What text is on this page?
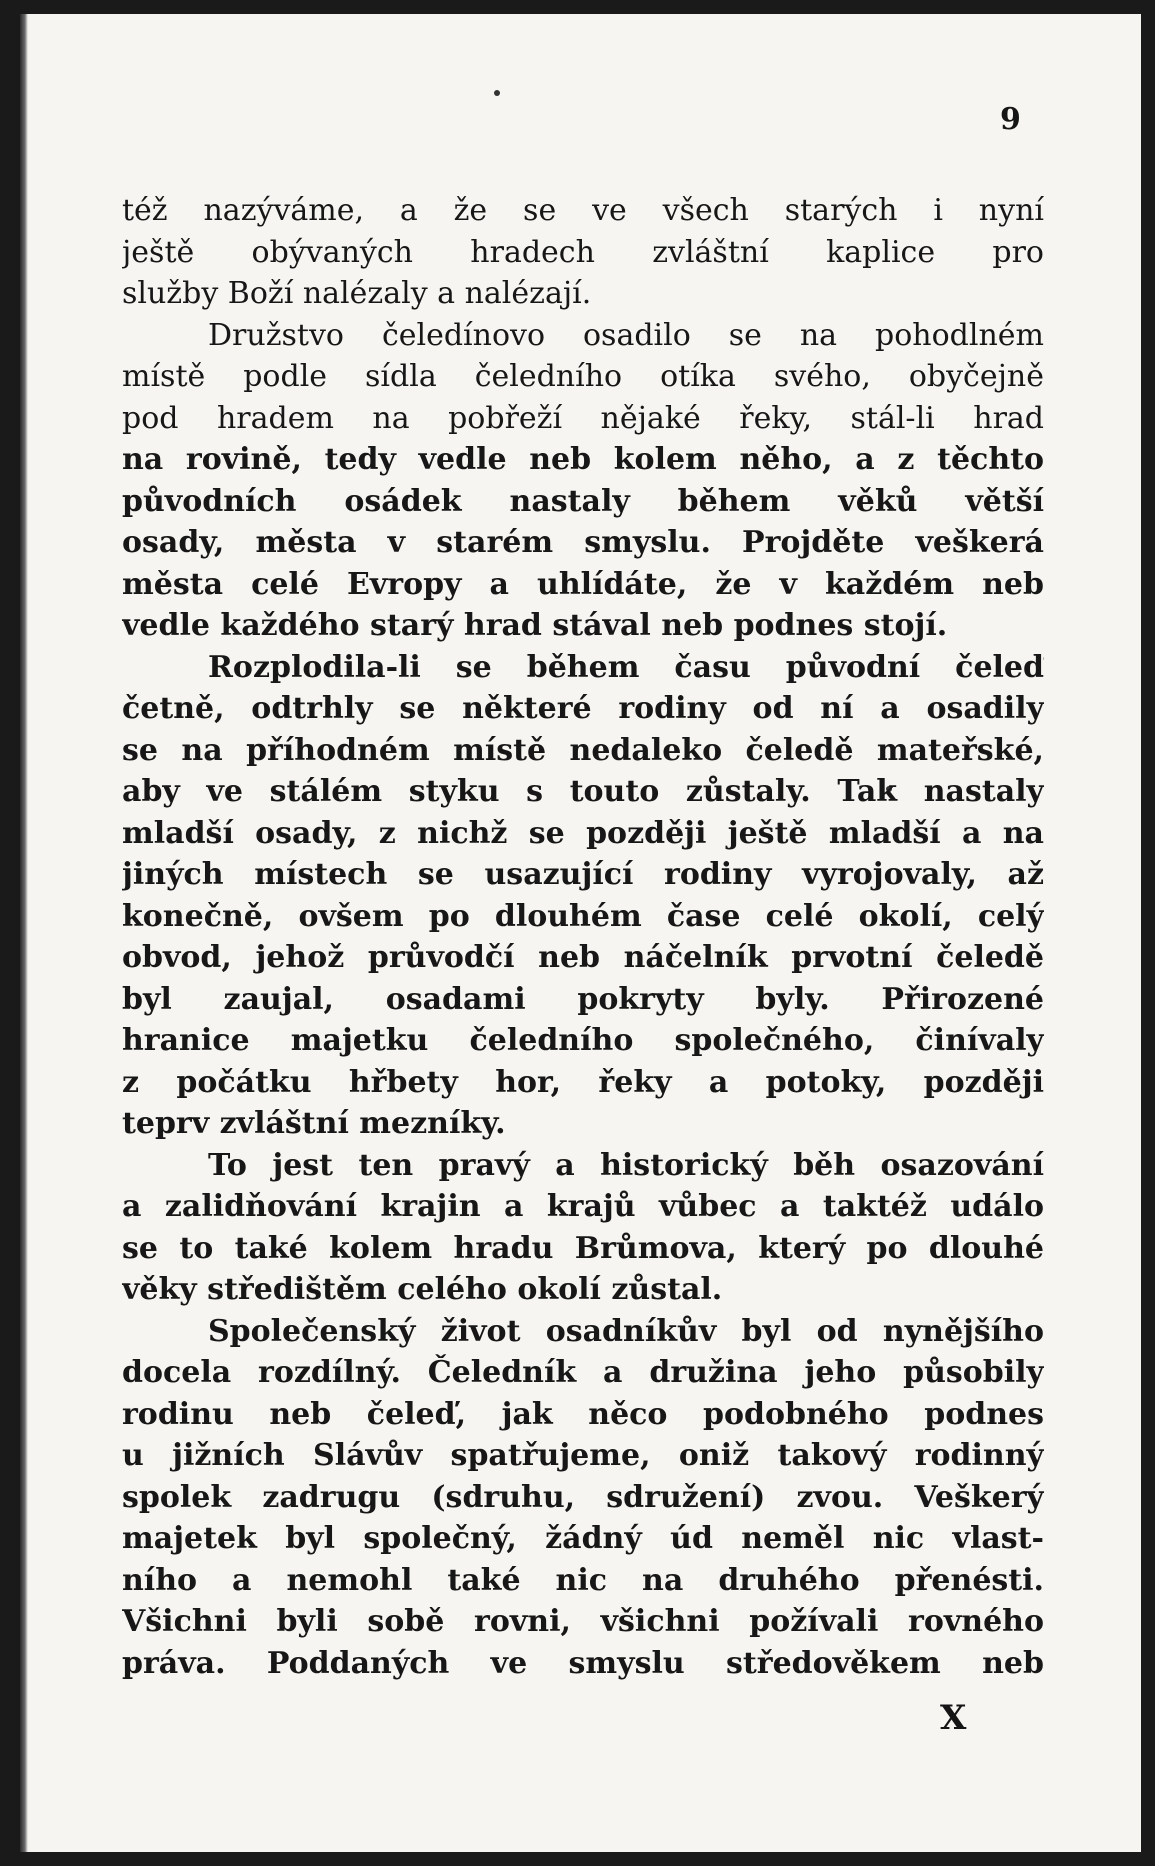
9
též nazýváme, a že se ve všech starých i nyní
ještě obývaných hradech zvláštní kaplice pro
služby Boží nalézaly a nalézají.
Družstvo čeledínovo osadilo se na pohodlném
místě podle sídla čeledního otíka svého, obyčejně
pod hradem na pobřeží nějaké řeky, stál-li hrad
na rovině, tedy vedle neb kolem něho, a z těchto
původních osádek nastaly během věků větší
osady, města v starém smyslu. Projděte veškerá
města celé Evropy a uhlídáte, že v každém neb
vedle každého starý hrad stával neb podnes stojí.
Rozplodila-li se během času původní čeleď
četně, odtrhly se některé rodiny od ní a osadily
se na příhodném místě nedaleko čeledě mateřské,
aby ve stálém styku s touto zůstaly. Tak nastaly
mladší osady, z nichž se později ještě mladší a na
jiných místech se usazující rodiny vyrojovaly, až
konečně, ovšem po dlouhém čase celé okolí, celý
obvod, jehož průvodčí neb náčelník prvotní čeledě
byl zaujal, osadami pokryty byly. Přirozené
hranice majetku čeledního společného, činívaly
z počátku hřbety hor, řeky a potoky, později
teprv zvláštní mezníky.
To jest ten pravý a historický běh osazování
a zalidňování krajin a krajů vůbec a taktéž událo
se to také kolem hradu Brůmova, který po dlouhé
věky středištěm celého okolí zůstal.
Společenský život osadníkův byl od nynějšího
docela rozdílný. Čeledník a družina jeho působily
rodinu neb čeleď, jak něco podobného podnes
u jižních Slávův spatřujeme, oniž takový rodinný
spolek zadrugu (sdruhu, sdružení) zvou. Veškerý
majetek byl společný, žádný úd neměl nic vlast-
ního a nemohl také nic na druhého přenésti.
Všichni byli sobě rovni, všichni požívali rovného
práva. Poddaných ve smyslu středověkem neb
X
